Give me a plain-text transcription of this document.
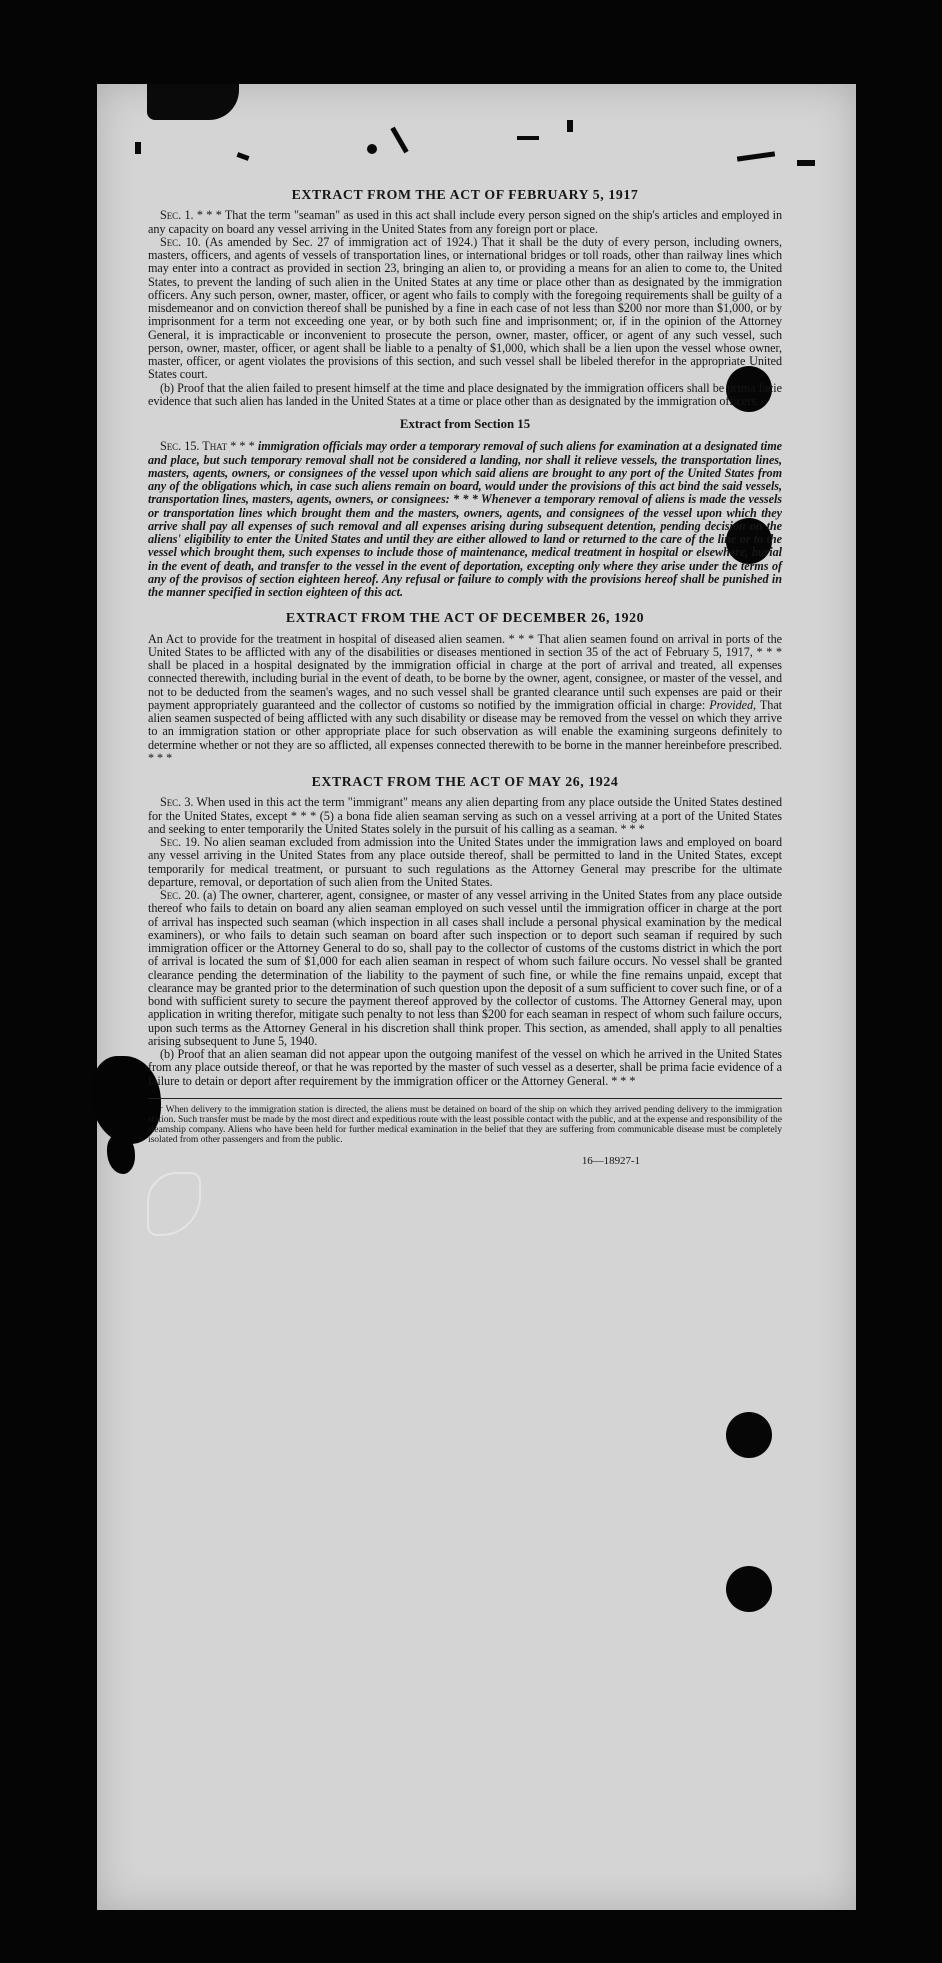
EXTRACT FROM THE ACT OF FEBRUARY 5, 1917

Sec. 1. * * * That the term "seaman" as used in this act shall include every person signed on the ship's articles and employed in any capacity on board any vessel arriving in the United States from any foreign port or place.

Sec. 10. (As amended by Sec. 27 of immigration act of 1924.) That it shall be the duty of every person, including owners, masters, officers, and agents of vessels of transportation lines, or international bridges or toll roads, other than railway lines which may enter into a contract as provided in section 23, bringing an alien to, or providing a means for an alien to come to, the United States, to prevent the landing of such alien in the United States at any time or place other than as designated by the immigration officers. Any such person, owner, master, officer, or agent who fails to comply with the foregoing requirements shall be guilty of a misdemeanor and on conviction thereof shall be punished by a fine in each case of not less than $200 nor more than $1,000, or by imprisonment for a term not exceeding one year, or by both such fine and imprisonment; or, if in the opinion of the Attorney General, it is impracticable or inconvenient to prosecute the person, owner, master, officer, or agent of any such vessel, such person, owner, master, officer, or agent shall be liable to a penalty of $1,000, which shall be a lien upon the vessel whose owner, master, officer, or agent violates the provisions of this section, and such vessel shall be libeled therefor in the appropriate United States court.

(b) Proof that the alien failed to present himself at the time and place designated by the immigration officers shall be prima facie evidence that such alien has landed in the United States at a time or place other than as designated by the immigration officers.

Extract from Section 15

Sec. 15. That * * * immigration officials may order a temporary removal of such aliens for examination at a designated time and place, but such temporary removal shall not be considered a landing, nor shall it relieve vessels, the transportation lines, masters, agents, owners, or consignees of the vessel upon which said aliens are brought to any port of the United States from any of the obligations which, in case such aliens remain on board, would under the provisions of this act bind the said vessels, transportation lines, masters, agents, owners, or consignees: * * * Whenever a temporary removal of aliens is made the vessels or transportation lines which brought them and the masters, owners, agents, and consignees of the vessel upon which they arrive shall pay all expenses of such removal and all expenses arising during subsequent detention, pending decision on the aliens' eligibility to enter the United States and until they are either allowed to land or returned to the care of the line or to the vessel which brought them, such expenses to include those of maintenance, medical treatment in hospital or elsewhere, burial in the event of death, and transfer to the vessel in the event of deportation, excepting only where they arise under the terms of any of the provisos of section eighteen hereof. Any refusal or failure to comply with the provisions hereof shall be punished in the manner specified in section eighteen of this act.

EXTRACT FROM THE ACT OF DECEMBER 26, 1920

An Act to provide for the treatment in hospital of diseased alien seamen. * * * That alien seamen found on arrival in ports of the United States to be afflicted with any of the disabilities or diseases mentioned in section 35 of the act of February 5, 1917, * * * shall be placed in a hospital designated by the immigration official in charge at the port of arrival and treated, all expenses connected therewith, including burial in the event of death, to be borne by the owner, agent, consignee, or master of the vessel, and not to be deducted from the seamen's wages, and no such vessel shall be granted clearance until such expenses are paid or their payment appropriately guaranteed and the collector of customs so notified by the immigration official in charge: Provided, That alien seamen suspected of being afflicted with any such disability or disease may be removed from the vessel on which they arrive to an immigration station or other appropriate place for such observation as will enable the examining surgeons definitely to determine whether or not they are so afflicted, all expenses connected therewith to be borne in the manner hereinbefore prescribed. * * *

EXTRACT FROM THE ACT OF MAY 26, 1924

Sec. 3. When used in this act the term "immigrant" means any alien departing from any place outside the United States destined for the United States, except * * * (5) a bona fide alien seaman serving as such on a vessel arriving at a port of the United States and seeking to enter temporarily the United States solely in the pursuit of his calling as a seaman. * * *

Sec. 19. No alien seaman excluded from admission into the United States under the immigration laws and employed on board any vessel arriving in the United States from any place outside thereof, shall be permitted to land in the United States, except temporarily for medical treatment, or pursuant to such regulations as the Attorney General may prescribe for the ultimate departure, removal, or deportation of such alien from the United States.

Sec. 20. (a) The owner, charterer, agent, consignee, or master of any vessel arriving in the United States from any place outside thereof who fails to detain on board any alien seaman employed on such vessel until the immigration officer in charge at the port of arrival has inspected such seaman (which inspection in all cases shall include a personal physical examination by the medical examiners), or who fails to detain such seaman on board after such inspection or to deport such seaman if required by such immigration officer or the Attorney General to do so, shall pay to the collector of customs of the customs district in which the port of arrival is located the sum of $1,000 for each alien seaman in respect of whom such failure occurs. No vessel shall be granted clearance pending the determination of the liability to the payment of such fine, or while the fine remains unpaid, except that clearance may be granted prior to the determination of such question upon the deposit of a sum sufficient to cover such fine, or of a bond with sufficient surety to secure the payment thereof approved by the collector of customs. The Attorney General may, upon application in writing therefor, mitigate such penalty to not less than $200 for each seaman in respect of whom such failure occurs, upon such terms as the Attorney General in his discretion shall think proper. This section, as amended, shall apply to all penalties arising subsequent to June 5, 1940.

(b) Proof that an alien seaman did not appear upon the outgoing manifest of the vessel on which he arrived in the United States from any place outside thereof, or that he was reported by the master of such vessel as a deserter, shall be prima facie evidence of a failure to detain or deport after requirement by the immigration officer or the Attorney General. * * *

† When delivery to the immigration station is directed, the aliens must be detained on board of the ship on which they arrived pending delivery to the immigration station. Such transfer must be made by the most direct and expeditious route with the least possible contact with the public, and at the expense and responsibility of the steamship company. Aliens who have been held for further medical examination in the belief that they are suffering from communicable disease must be completely isolated from other passengers and from the public.

16—18927-1
